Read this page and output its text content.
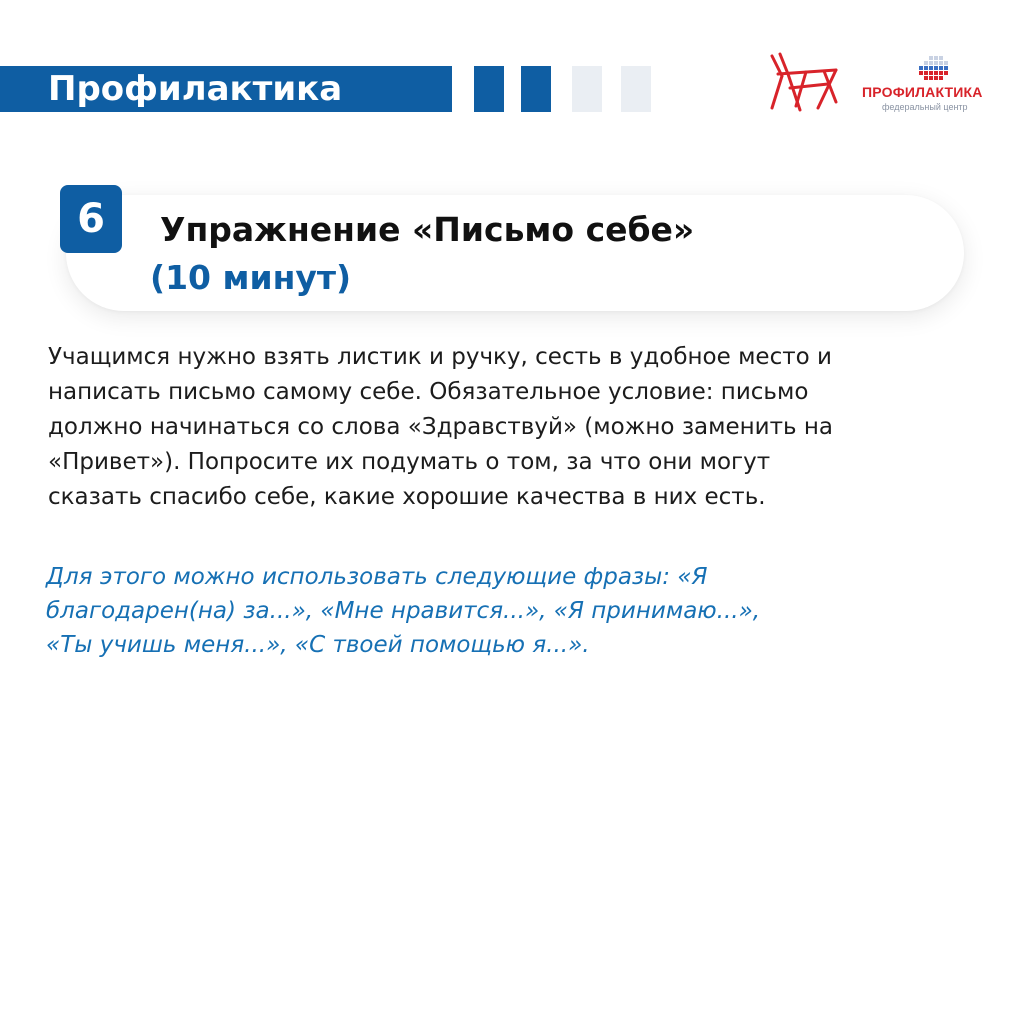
Профилактика	ПРОФИЛАКТИКА
федеральный центр
6	Упражнение «Письмо себе»
(10 минут)

Учащимся нужно взять листик и ручку, сесть в удобное место и
написать письмо самому себе. Обязательное условие: письмо
должно начинаться со слова «Здравствуй» (можно заменить на
«Привет»). Попросите их подумать о том, за что они могут
сказать спасибо себе, какие хорошие качества в них есть.

Для этого можно использовать следующие фразы: «Я
благодарен(на) за...», «Мне нравится...», «Я принимаю...»,
«Ты учишь меня...», «С твоей помощью я...».
